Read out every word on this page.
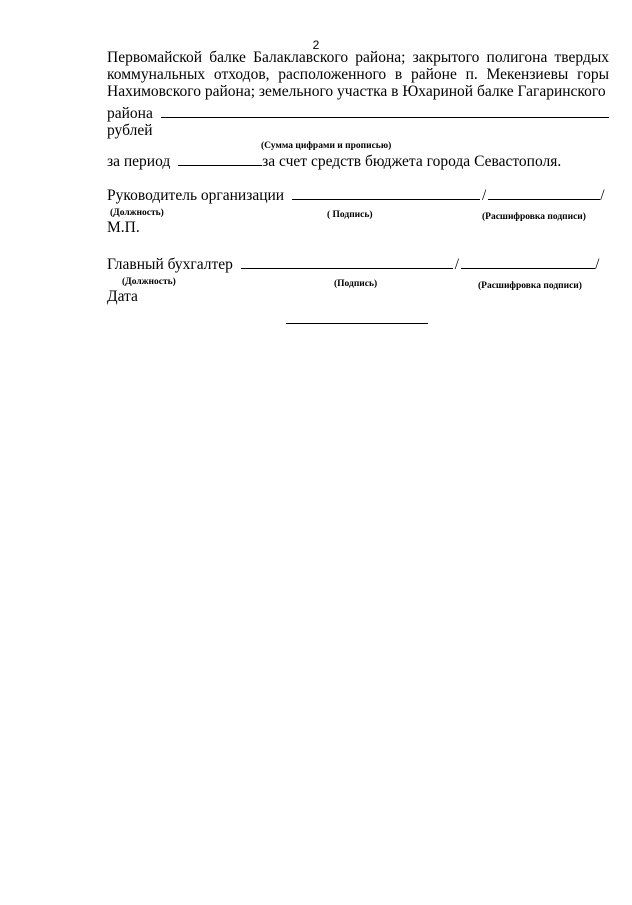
2

Первомайской балке Балаклавского района; закрытого полигона твердых коммунальных отходов, расположенного в районе п. Мекензиевы горы Нахимовского района; земельного участка в Юхариной балке Гагаринского

района
рублей
(Сумма цифрами и прописью)
за период	за счет средств бюджета города Севастополя.
Руководитель организации	/	/
(Должность)	( Подпись)	(Расшифровка подписи)
М.П.
Главный бухгалтер	/	/
(Должность)	(Подпись)	(Расшифровка подписи)
Дата
